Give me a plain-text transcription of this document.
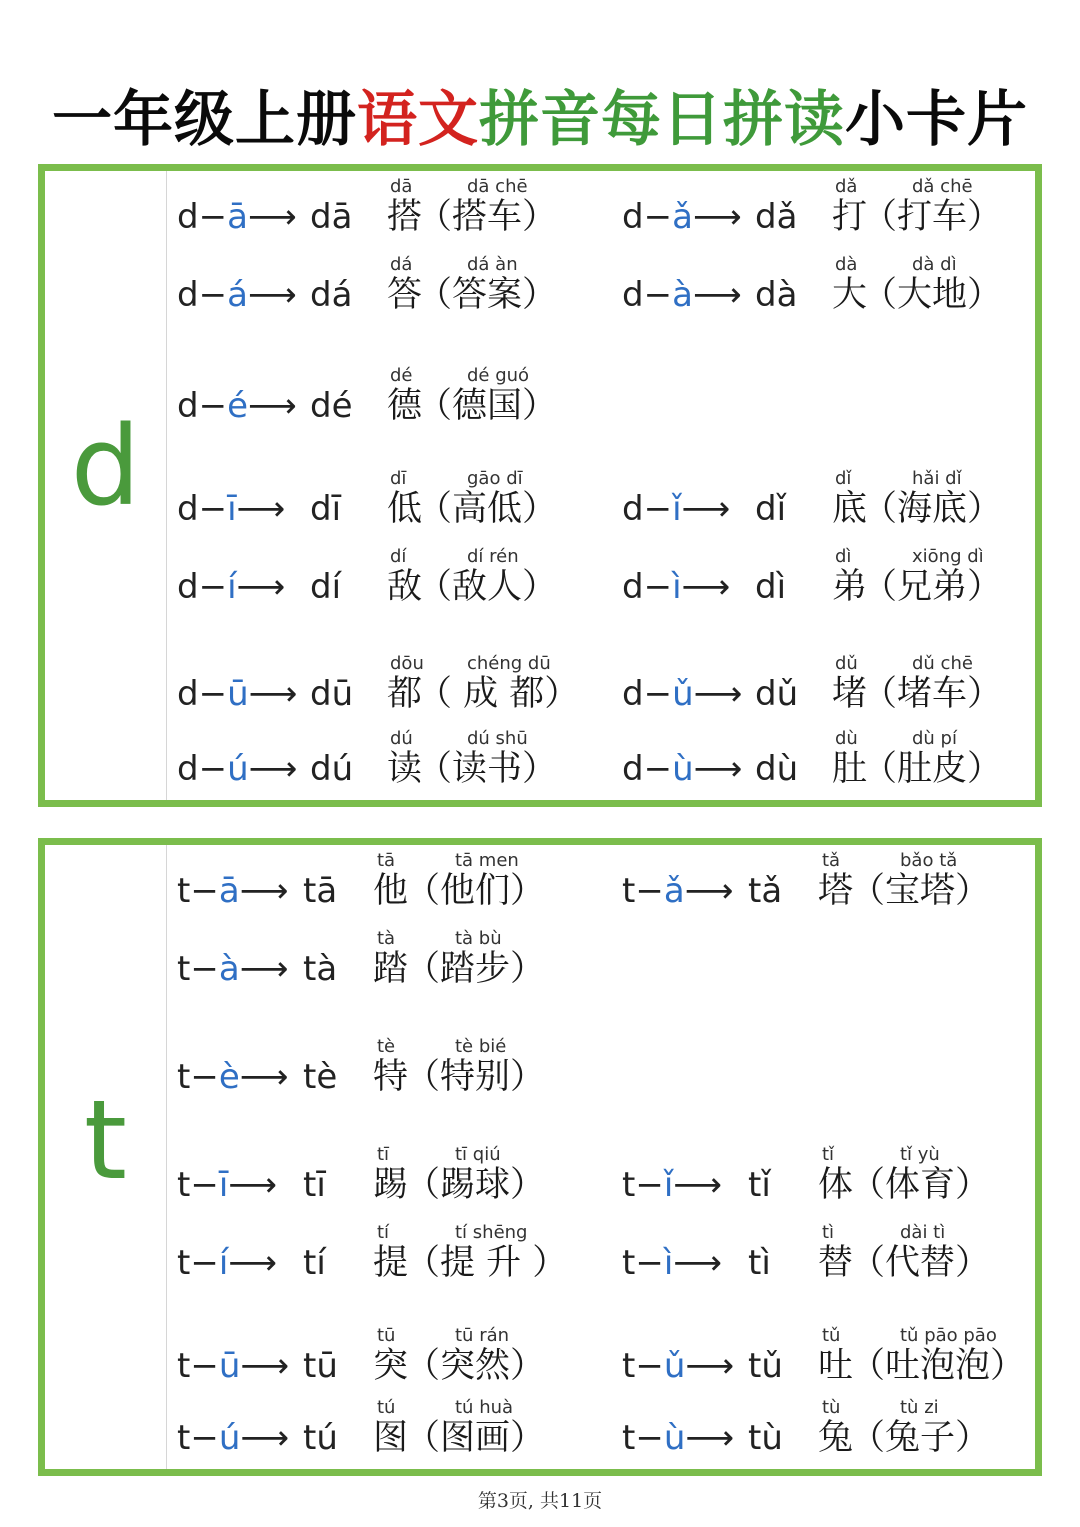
一年级上册语文拼音每日拼读小卡片
d
d−ā⟶ dā
dā
搭
dā chē
（搭车） d−ǎ⟶ dǎ
dǎ
打
dǎ chē
（打车）
d−á⟶ dá
dá
答
dá àn
（答案） d−à⟶ dà
dà
大
dà dì
（大地）
d−é⟶ dé
dé
德
dé guó
（德国）
d−ī⟶ dī
dī
低
gāo dī
（高低） d−ǐ⟶ dǐ
dǐ
底
hǎi dǐ
（海底）
d−í⟶ dí
dí
敌
dí rén
（敌人） d−ì⟶ dì
dì
弟
xiōng dì
（兄弟）
d−ū⟶ dū
dōu
都
chéng dū
（ 成 都） d−ǔ⟶ dǔ
dǔ
堵
dǔ chē
（堵车）
d−ú⟶ dú
dú
读
dú shū
（读书） d−ù⟶ dù
dù
肚
dù pí
（肚皮）
t
t−ā⟶ tā
tā
他
tā men
（他们） t−ǎ⟶ tǎ
tǎ
塔
bǎo tǎ
（宝塔）
t−à⟶ tà
tà
踏
tà bù
（踏步）
t−è⟶ tè
tè
特
tè bié
（特别）
t−ī⟶ tī
tī
踢
tī qiú
（踢球） t−ǐ⟶ tǐ
tǐ
体
tǐ yù
（体育）
t−í⟶ tí
tí
提
tí shēng
（提 升 ） t−ì⟶ tì
tì
替
dài tì
（代替）
t−ū⟶ tū
tū
突
tū rán
（突然） t−ǔ⟶ tǔ
tǔ
吐
tǔ pāo pāo
（吐泡泡）
t−ú⟶ tú
tú
图
tú huà
（图画） t−ù⟶ tù
tù
兔
tù zi
（兔子）
第3页, 共11页
